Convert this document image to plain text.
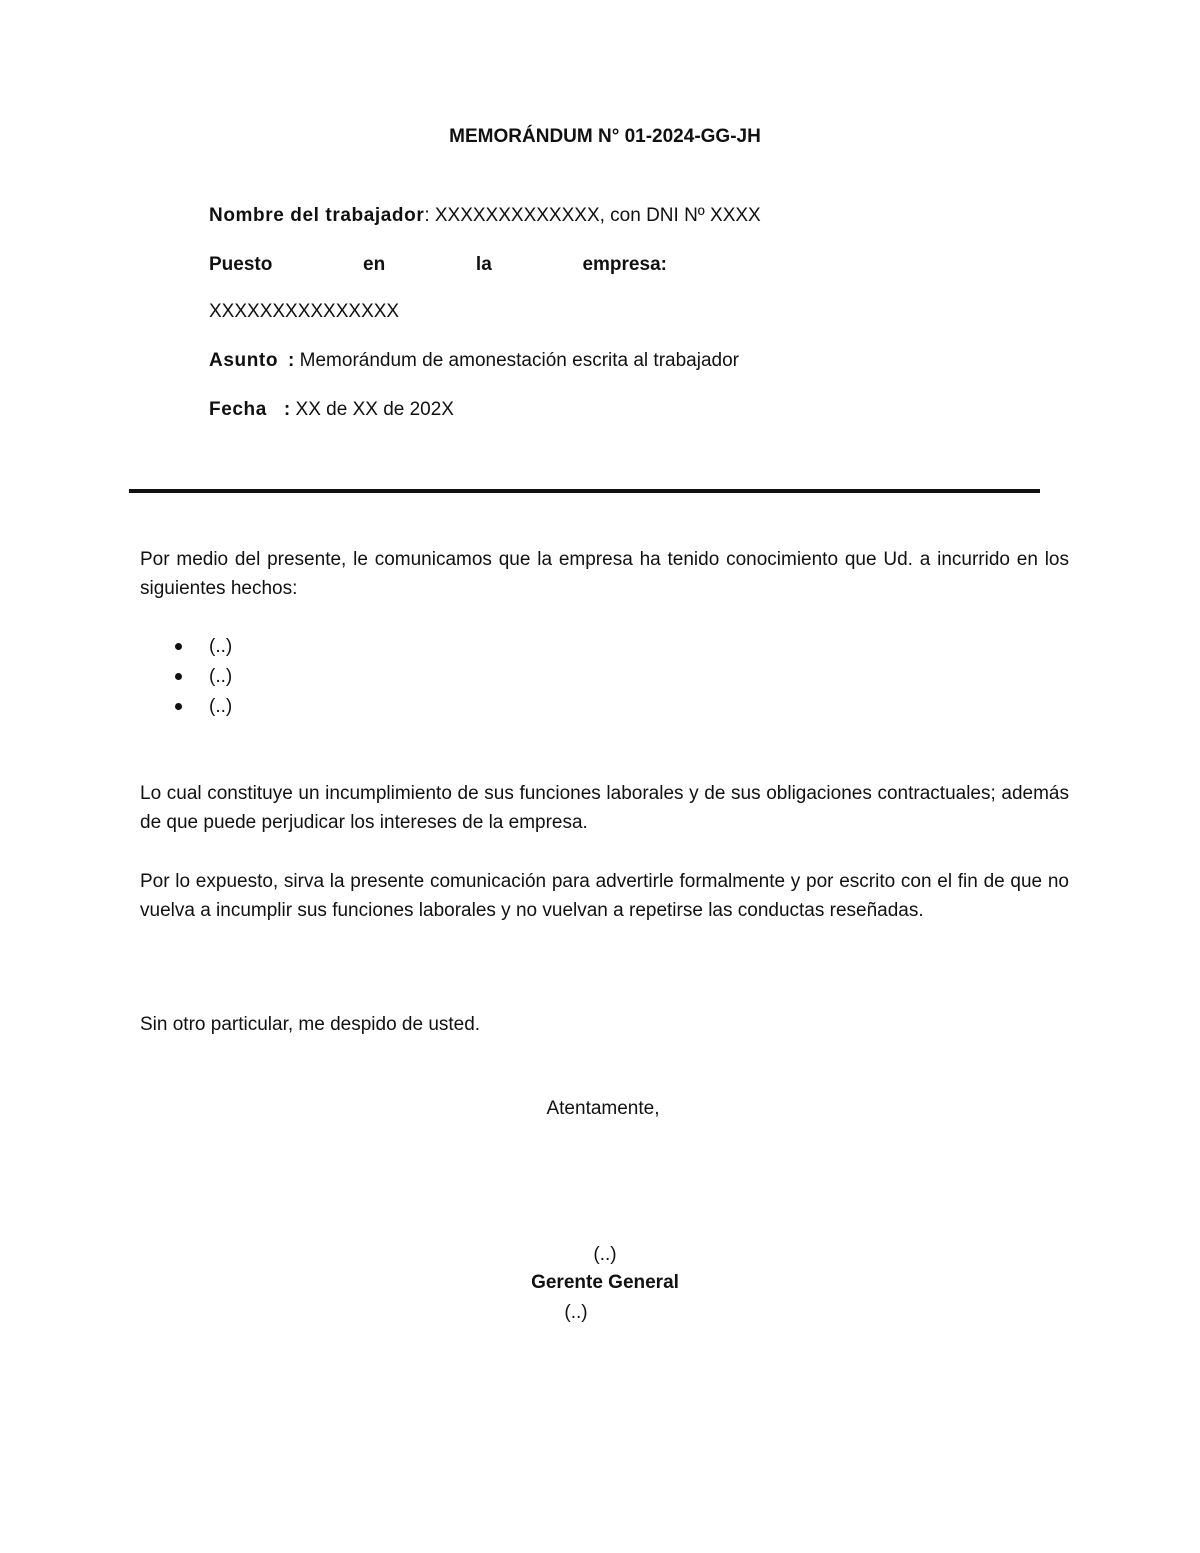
MEMORÁNDUM N° 01-2024-GG-JH
Nombre del trabajador: XXXXXXXXXXXXX, con DNI Nº XXXX
Puesto	en	la	empresa:
XXXXXXXXXXXXXXX
Asunto : Memorándum de amonestación escrita al trabajador
Fecha : XX de XX de 202X

Por medio del presente, le comunicamos que la empresa ha tenido conocimiento que Ud. a incurrido en los siguientes hechos:

(..)
(..)
(..)

Lo cual constituye un incumplimiento de sus funciones laborales y de sus obligaciones contractuales; además de que puede perjudicar los intereses de la empresa.

Por lo expuesto, sirva la presente comunicación para advertirle formalmente y por escrito con el fin de que no vuelva a incumplir sus funciones laborales y no vuelvan a repetirse las conductas reseñadas.

Sin otro particular, me despido de usted.

Atentamente,
(..)
Gerente General
(..)
